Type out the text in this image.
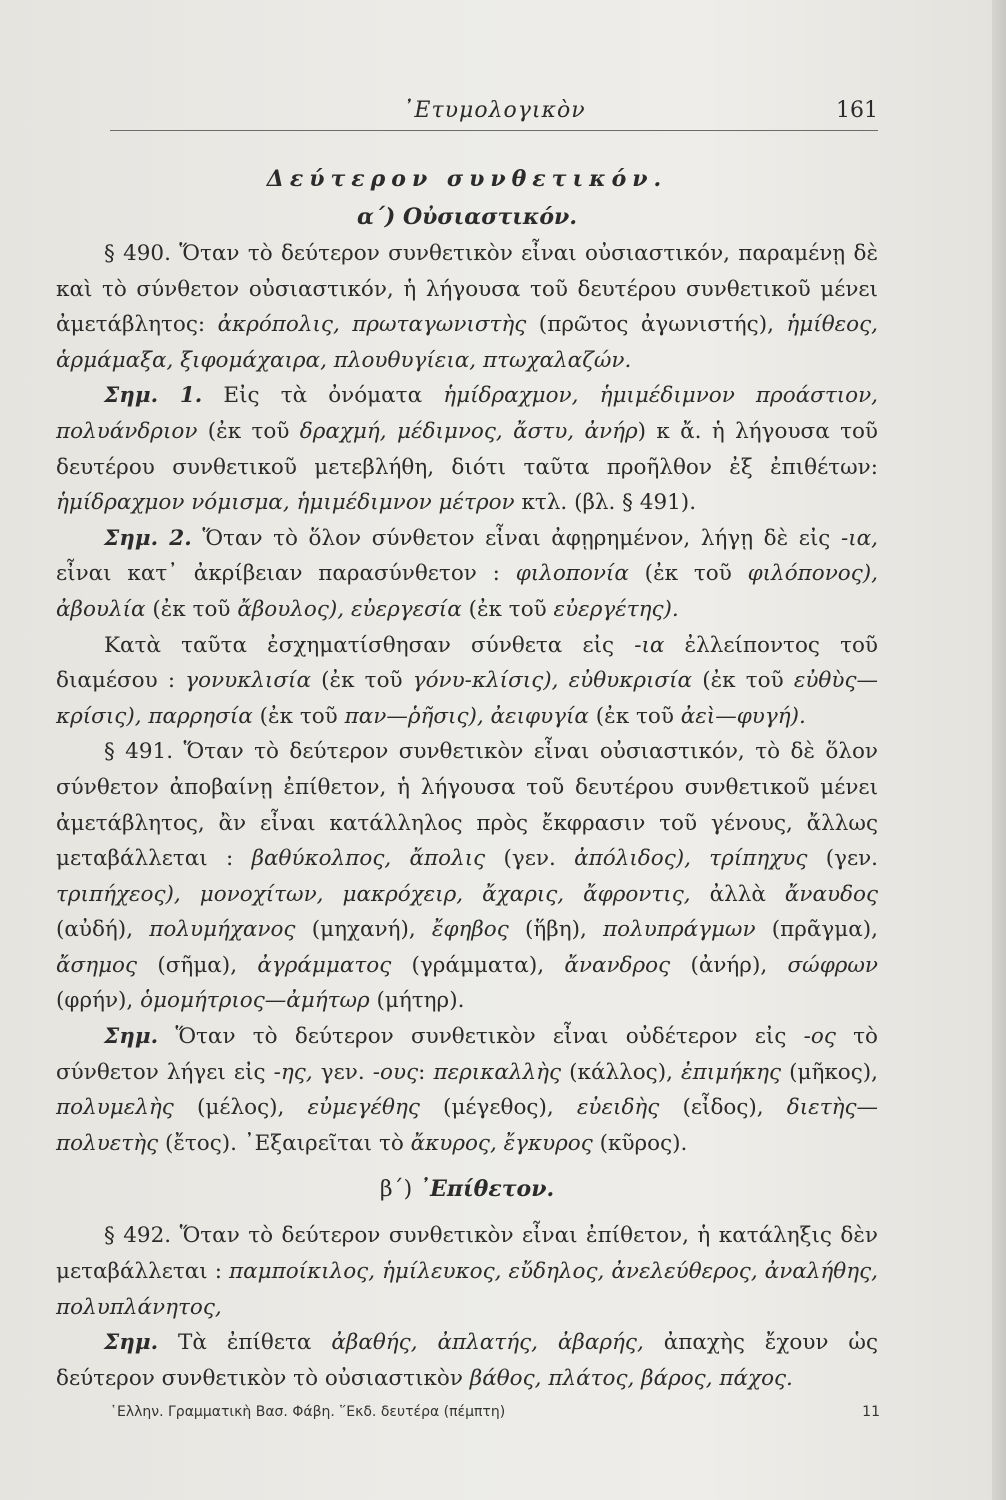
᾿Ετυμολογικὸν	161
Δεύτερον συνθετικόν.
α΄) Οὐσιαστικόν.

§ 490. Ὅταν τὸ δεύτερον συνθετικὸν εἶναι οὐσιαστικόν, παραμένῃ δὲ καὶ τὸ σύνθετον οὐσιαστικόν, ἡ λήγουσα τοῦ δευτέρου συνθετικοῦ μένει ἀμετάβλητος: ἀκρόπολις, πρωταγωνιστὴς (πρῶτος ἀγωνιστής), ἡμίθεος, ἁρμάμαξα, ξιφομάχαιρα, πλουθυγίεια, πτωχαλαζών.

Σημ. 1. Εἰς τὰ ὀνόματα ἡμίδραχμον, ἡμιμέδιμνον προάστιον, πολυάνδριον (ἐκ τοῦ δραχμή, μέδιμνος, ἄστυ, ἀνήρ) κ ἄ. ἡ λήγουσα τοῦ δευτέρου συνθετικοῦ μετεβλήθη, διότι ταῦτα προῆλθον ἐξ ἐπιθέτων: ἡμίδραχμον νόμισμα, ἡμιμέδιμνον μέτρον κτλ. (βλ. § 491).

Σημ. 2. Ὅταν τὸ ὅλον σύνθετον εἶναι ἀφῃρημένον, λήγῃ δὲ εἰς -ια, εἶναι κατ᾿ ἀκρίβειαν παρασύνθετον : φιλοπονία (ἐκ τοῦ φιλόπονος), ἀβουλία (ἐκ τοῦ ἄβουλος), εὐεργεσία (ἐκ τοῦ εὐεργέτης).

Κατὰ ταῦτα ἐσχηματίσθησαν σύνθετα εἰς -ια ἐλλείποντος τοῦ διαμέσου : γονυκλισία (ἐκ τοῦ γόνυ-κλίσις), εὐθυκρισία (ἐκ τοῦ εὐθὺς—κρίσις), παρρησία (ἐκ τοῦ παν—ῥῆσις), ἀειφυγία (ἐκ τοῦ ἀεὶ—φυγή).

§ 491. Ὅταν τὸ δεύτερον συνθετικὸν εἶναι οὐσιαστικόν, τὸ δὲ ὅλον σύνθετον ἀποβαίνῃ ἐπίθετον, ἡ λήγουσα τοῦ δευτέρου συνθετικοῦ μένει ἀμετάβλητος, ἂν εἶναι κατάλληλος πρὸς ἔκφρασιν τοῦ γένους, ἄλλως μεταβάλλεται : βαθύκολπος, ἄπολις (γεν. ἀπόλιδος), τρίπηχυς (γεν. τριπήχεος), μονοχίτων, μακρόχειρ, ἄχαρις, ἄφροντις, ἀλλὰ ἄναυδος (αὐδή), πολυμήχανος (μηχανή), ἔφηβος (ἥβη), πολυπράγμων (πρᾶγμα), ἄσημος (σῆμα), ἀγράμματος (γράμματα), ἄνανδρος (ἀνήρ), σώφρων (φρήν), ὁμομήτριος—ἀμήτωρ (μήτηρ).

Σημ. Ὅταν τὸ δεύτερον συνθετικὸν εἶναι οὐδέτερον εἰς -ος τὸ σύνθετον λήγει εἰς -ης, γεν. -ους: περικαλλὴς (κάλλος), ἐπιμήκης (μῆκος), πολυμελὴς (μέλος), εὐμεγέθης (μέγεθος), εὐειδὴς (εἶδος), διετὴς—πολυετὴς (ἔτος). ᾿Εξαιρεῖται τὸ ἄκυρος, ἔγκυρος (κῦρος).

β΄) ᾿Επίθετον.

§ 492. Ὅταν τὸ δεύτερον συνθετικὸν εἶναι ἐπίθετον, ἡ κατάληξις δὲν μεταβάλλεται : παμποίκιλος, ἡμίλευκος, εὔδηλος, ἀνελεύθερος, ἀναλήθης, πολυπλάνητος,

Σημ. Τὰ ἐπίθετα ἀβαθής, ἀπλατής, ἀβαρής, ἀπαχὴς ἔχουν ὡς δεύτερον συνθετικὸν τὸ οὐσιαστικὸν βάθος, πλάτος, βάρος, πάχος.

῾Ελλην. Γραμματικὴ Βασ. Φάβη. ῞Εκδ. δευτέρα (πέμπτη)	11
